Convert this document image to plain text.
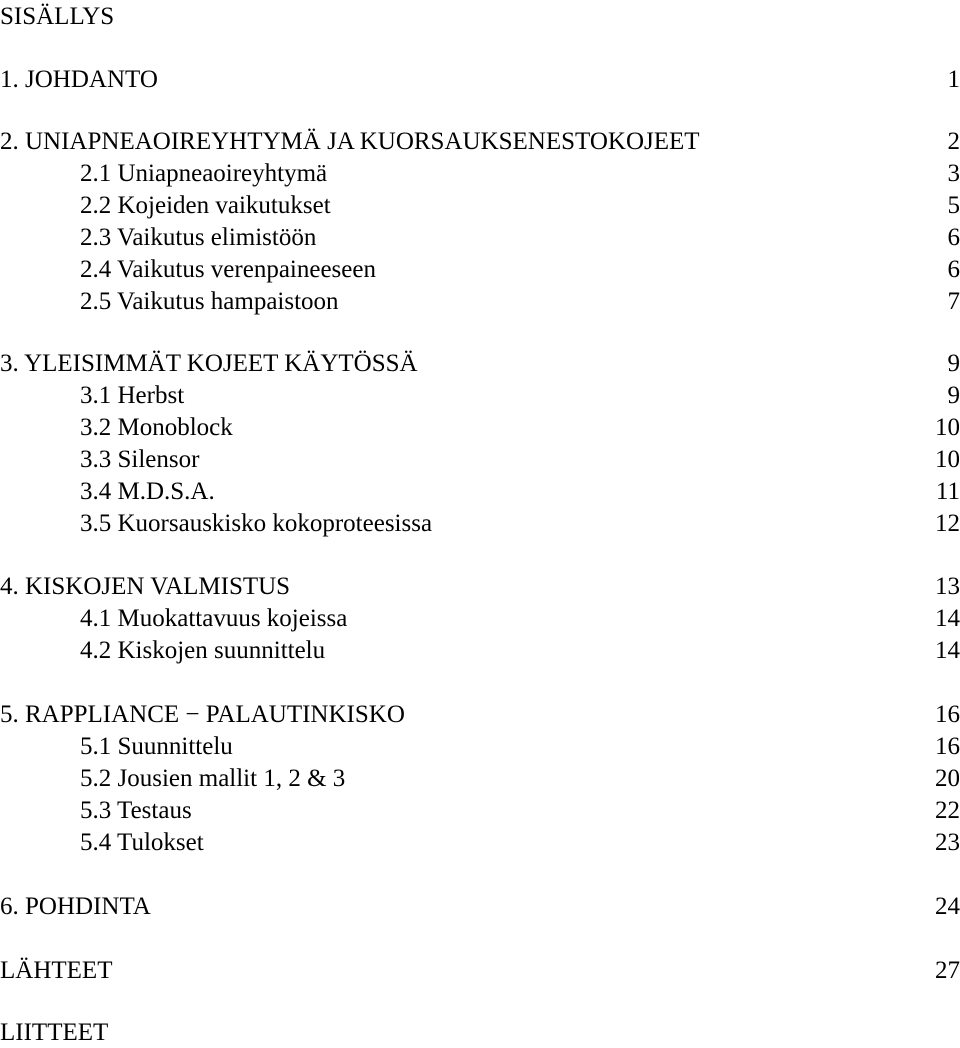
SISÄLLYS
1. JOHDANTO	1
2. UNIAPNEAOIREYHTYMÄ JA KUORSAUKSENESTOKOJEET	2
2.1 Uniapneaoireyhtymä	3
2.2 Kojeiden vaikutukset	5
2.3 Vaikutus elimistöön	6
2.4 Vaikutus verenpaineeseen	6
2.5 Vaikutus hampaistoon	7
3. YLEISIMMÄT KOJEET KÄYTÖSSÄ	9
3.1 Herbst	9
3.2 Monoblock	10
3.3 Silensor	10
3.4 M.D.S.A.	11
3.5 Kuorsauskisko kokoproteesissa	12
4. KISKOJEN VALMISTUS	13
4.1 Muokattavuus kojeissa	14
4.2 Kiskojen suunnittelu	14
5. RAPPLIANCE − PALAUTINKISKO	16
5.1 Suunnittelu	16
5.2 Jousien mallit 1, 2 & 3	20
5.3 Testaus	22
5.4 Tulokset	23
6. POHDINTA	24
LÄHTEET	27
LIITTEET
